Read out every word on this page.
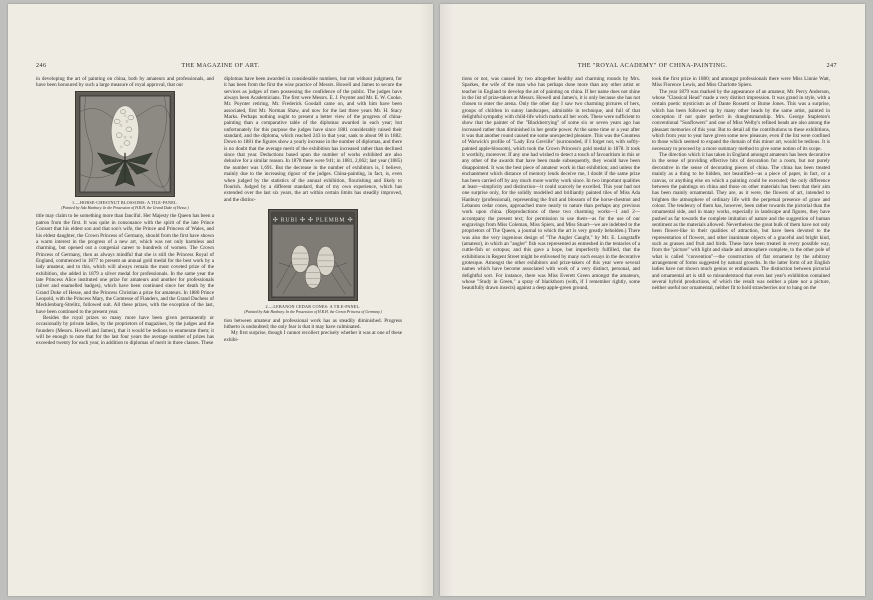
246	THE MAGAZINE OF ART.

in developing the art of painting on china, both by amateurs and professionals, and have been honoured by such a large measure of royal approval, that our

1.—HORSE-CHESTNUT BLOSSOMS: A TILE-PANEL.
(Painted by Ada Hanbury. In the Possession of H.R.H. the Grand Duke of Hesse.)

title may claim to be something more than fanciful. Her Majesty the Queen has been a patron from the first. It was quite in consonance with the spirit of the late Prince Consort that his eldest son and that son's wife, the Prince and Princess of Wales, and his eldest daughter, the Crown Princess of Germany, should from the first have shown a warm interest in the progress of a new art, which was not only harmless and charming, but opened out a congenial career to hundreds of women. The Crown Princess of Germany, then as always mindful that she is still the Princess Royal of England, commenced in 1877 to present an annual gold medal for the best work by a lady amateur, and to this, which will always remain the most coveted prize of the exhibition, she added in 1879 a silver medal for professionals. In the same year the late Princess Alice instituted one prize for amateurs and another for professionals (silver and enamelled badges), which have been continued since her death by the Grand Duke of Hesse, and the Princess Christian a prize for amateurs. In 1880 Prince Leopold, with the Princess Mary, the Comtesse of Flanders, and the Grand Duchess of Mecklenburg-Strelitz, followed suit. All these prizes, with the exception of the last, have been continued to the present year.

Besides the royal prizes so many more have been given permanently or occasionally by private ladies, by the proprietors of magazines, by the judges and the founders (Messrs. Howell and James), that it would be tedious to enumerate them; it will be enough to note that for the last four years the average number of prizes has exceeded twenty for each year, in addition to diplomas of merit in three classes. These

diplomas have been awarded in considerable numbers, but not without judgment, for it has been from the first the wise practice of Messrs. Howell and James to secure the services as judges of men possessing the confidence of the public. The judges have always been Academicians. The first were Messrs. E. J. Poynter and Mr. E. W. Cooke. Mr. Poynter retiring, Mr. Frederick Goodall came on, and with him have been associated, first Mr. Norman Shaw, and now for the last three years Mr. H. Stacy Marks. Perhaps nothing ought to present a better view of the progress of china-painting than a comparative table of the diplomas awarded in each year; but unfortunately for this purpose the judges have since 1881 considerably raised their standard, and the diploma, which reached 243 in that year, sank to about 90 in 1882. Down to 1881 the figures show a yearly increase in the number of diplomas, and there is no doubt that the average merit of the exhibition has increased rather than declined since that year. Deductions based upon the number of works exhibited are also delusive for a similar reason. In 1878 there were 941; in 1881, 2,062; last year (1885) the number was 1,691. But the decrease in the number of exhibitors is, I believe, mainly due to the increasing rigour of the judges. China-painting, in fact, is, even when judged by the statistics of the annual exhibition, flourishing and likely to flourish. Judged by a different standard, that of my own experience, which has extended over the last six years, the art within certain limits has steadily improved, and the distinc-

✣ RUBI ✣ ✣ PLEMBM ✣
2.—LEBANON CEDAR CONES: A TILE-PANEL.
(Painted by Ada Hanbury. In the Possession of H.R.H. the Crown Princess of Germany.)

tion between amateur and professional work has as steadily diminished. Progress hitherto is undoubted; the only fear is that it may have culminated.

My first surprise, though I cannot recollect precisely whether it was at one of these exhibi-

THE "ROYAL ACADEMY" OF CHINA-PAINTING.	247

tions or not, was caused by two altogether healthy and charming rounds by Mrs. Sparkes, the wife of the man who has perhaps done more than any other artist or teacher in England to develop the art of painting on china. If her name does not shine in the list of prize-takers at Messrs. Howell and James's, it is only because she has not chosen to enter the arena. Only the other day I saw two charming pictures of hers, groups of children in sunny landscapes, admirable in technique, and full of that delightful sympathy with child-life which marks all her work. These were sufficient to show that the painter of the "Blackberrying" of some six or seven years ago has increased rather than diminished in her gentle power. At the same time or a year after it was that another round caused me some unexpected pleasure. This was the Countess of Warwick's profile of "Lady Eva Greville" (surrounded, if I forget not, with softly-painted apple-blossom), which took the Crown Princess's gold medal in 1878. It took it worthily, moreover. If any one had wished to detect a touch of favouritism in this or any other of the awards that have been made subsequently, they would have been disappointed. It was the best piece of amateur work in that exhibition; and unless the enchantment which distance of memory lends deceive me, I doubt if the same prize has been carried off by any much more worthy work since. In two important qualities at least—simplicity and distinction—it could scarcely be excelled. This year had not one surprise only, for the solidly modelled and brilliantly painted tiles of Miss Ada Hanbury (professional), representing the fruit and blossom of the horse-chestnut and Lebanon cedar cones, approached more nearly to nature than perhaps any previous work upon china. (Reproductions of these two charming works—1 and 2—accompany the present text; for permission to use them—as for the use of our engravings from Miss Coleman, Miss Spiers, and Miss Stuart—we are indebted to the proprietors of The Queen, a journal to which the art is very greatly beholden.) There was also the very ingenious design of "The Angler Caught," by Mr. E. Lungstaffe (amateur), in which an "angler" fish was represented as enmeshed in the tentacles of a cuttle-fish or octopus; and this gave a hope, but imperfectly fulfilled, that the exhibitions in Regent Street might be enlivened by many such essays in the decorative grotesque. Amongst the other exhibitors and prize-takers of this year were several names which have become associated with work of a very distinct, personal, and delightful sort. For instance, there was Miss Everett Green amongst the amateurs, whose "Study in Green," a spray of blackthorn (with, if I remember rightly, some beautifully drawn insects) against a deep apple-green ground,

took the first prize in 1880; and amongst professionals there were Miss Linnie Watt, Miss Florence Lewis, and Miss Charlotte Spiers.

The year 1879 was marked by the appearance of an amateur, Mr. Percy Anderson, whose "Classical Head" made a very distinct impression. It was grand in style, with a certain poetic mysticism as of Dante Rossetti or Burne Jones. This was a surprise, which has been followed up by many other heads by the same artist, painted in conception if not quite perfect in draughtsmanship. Mrs. George Stapleton's conventional "Sunflowers" and one of Miss Welby's refined heads are also among the pleasant memories of this year. But to detail all the contributions to these exhibitions, which from year to year have given some new pleasure, even if the list were confined to those which seemed to expand the domain of this minor art, would be tedious. It is necessary to proceed by a more summary method to give some notion of its scope.

The direction which it has taken in England amongst amateurs has been decorative in the sense of providing effective bits of decoration for a room, but not purely decorative in the sense of decorating pieces of china. The china has been treated mainly as a thing to be hidden, not beautified—as a piece of paper, in fact, or a canvas, or anything else on which a painting could be executed; the only difference between the paintings on china and those on other materials has been that their aim has been mainly ornamental. They are, as it were, the flowers of art, intended to brighten the atmosphere of ordinary life with the perpetual presence of grace and colour. The tendency of them has, however, been rather towards the pictorial than the ornamental side, and in many works, especially in landscape and figures, they have pushed as far towards the complete imitation of nature and the suggestion of human sentiment as the materials allowed. Nevertheless the great bulk of them have not only been flower-like in their qualities of attraction, but have been devoted to the representation of flowers, and other inanimate objects of a graceful and bright kind, such as grasses and fruit and birds. These have been treated in every possible way, from the "picture" with light and shade and atmosphere complete, to the other pole of what is called "convention"—the construction of flat ornament by the arbitrary arrangement of forms suggested by natural growths. In the latter form of art English ladies have not shown much genius or enthusiasm. The distinction between pictorial and ornamental art is still so misunderstood that even last year's exhibition contained several hybrid productions, of which the result was neither a plate nor a picture, neither useful nor ornamental, neither fit to hold strawberries nor to hang on the
